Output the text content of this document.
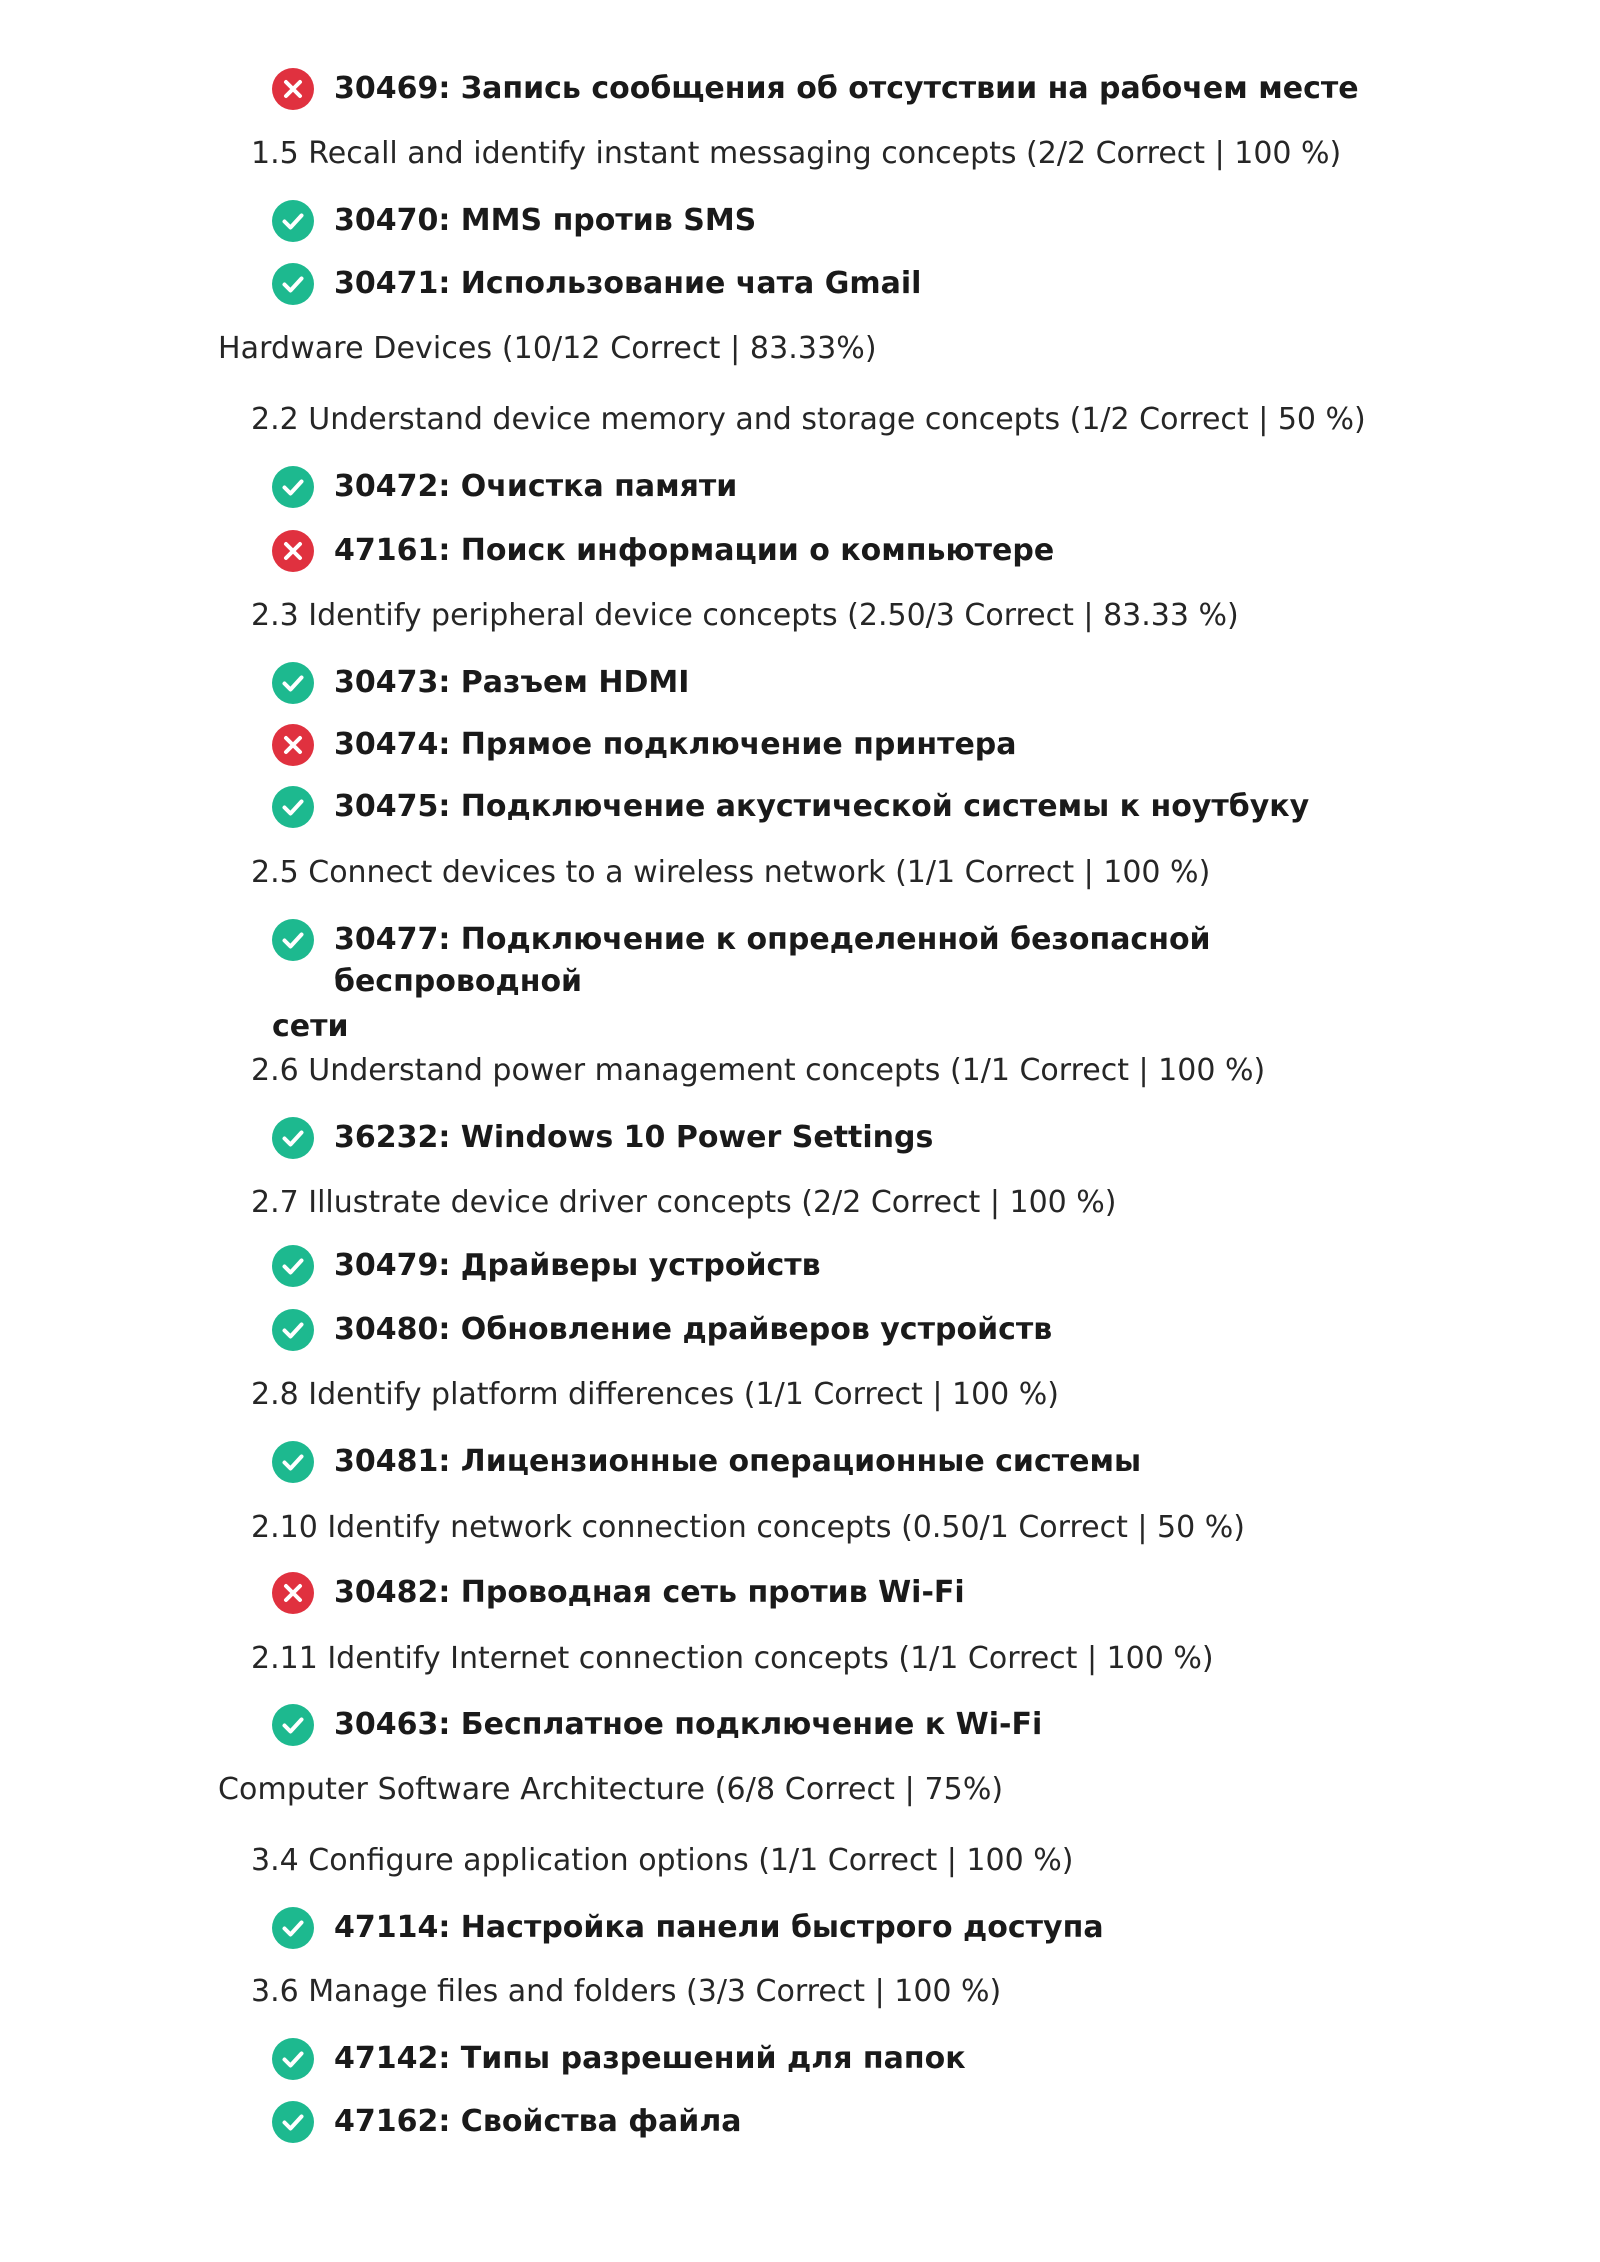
30469: Запись сообщения об отсутствии на рабочем месте
1.5 Recall and identify instant messaging concepts (2/2 Correct | 100 %)
30470: MMS против SMS
30471: Использование чата Gmail
Hardware Devices (10/12 Correct | 83.33%)
2.2 Understand device memory and storage concepts (1/2 Correct | 50 %)
30472: Очистка памяти
47161: Поиск информации о компьютере
2.3 Identify peripheral device concepts (2.50/3 Correct | 83.33 %)
30473: Разъем HDMI
30474: Прямое подключение принтера
30475: Подключение акустической системы к ноутбуку
2.5 Connect devices to a wireless network (1/1 Correct | 100 %)
30477: Подключение к определенной безопасной беспроводной
сети
2.6 Understand power management concepts (1/1 Correct | 100 %)
36232: Windows 10 Power Settings
2.7 Illustrate device driver concepts (2/2 Correct | 100 %)
30479: Драйверы устройств
30480: Обновление драйверов устройств
2.8 Identify platform differences (1/1 Correct | 100 %)
30481: Лицензионные операционные системы
2.10 Identify network connection concepts (0.50/1 Correct | 50 %)
30482: Проводная сеть против Wi-Fi
2.11 Identify Internet connection concepts (1/1 Correct | 100 %)
30463: Бесплатное подключение к Wi-Fi
Computer Software Architecture (6/8 Correct | 75%)
3.4 Configure application options (1/1 Correct | 100 %)
47114: Настройка панели быстрого доступа
3.6 Manage files and folders (3/3 Correct | 100 %)
47142: Типы разрешений для папок
47162: Свойства файла
